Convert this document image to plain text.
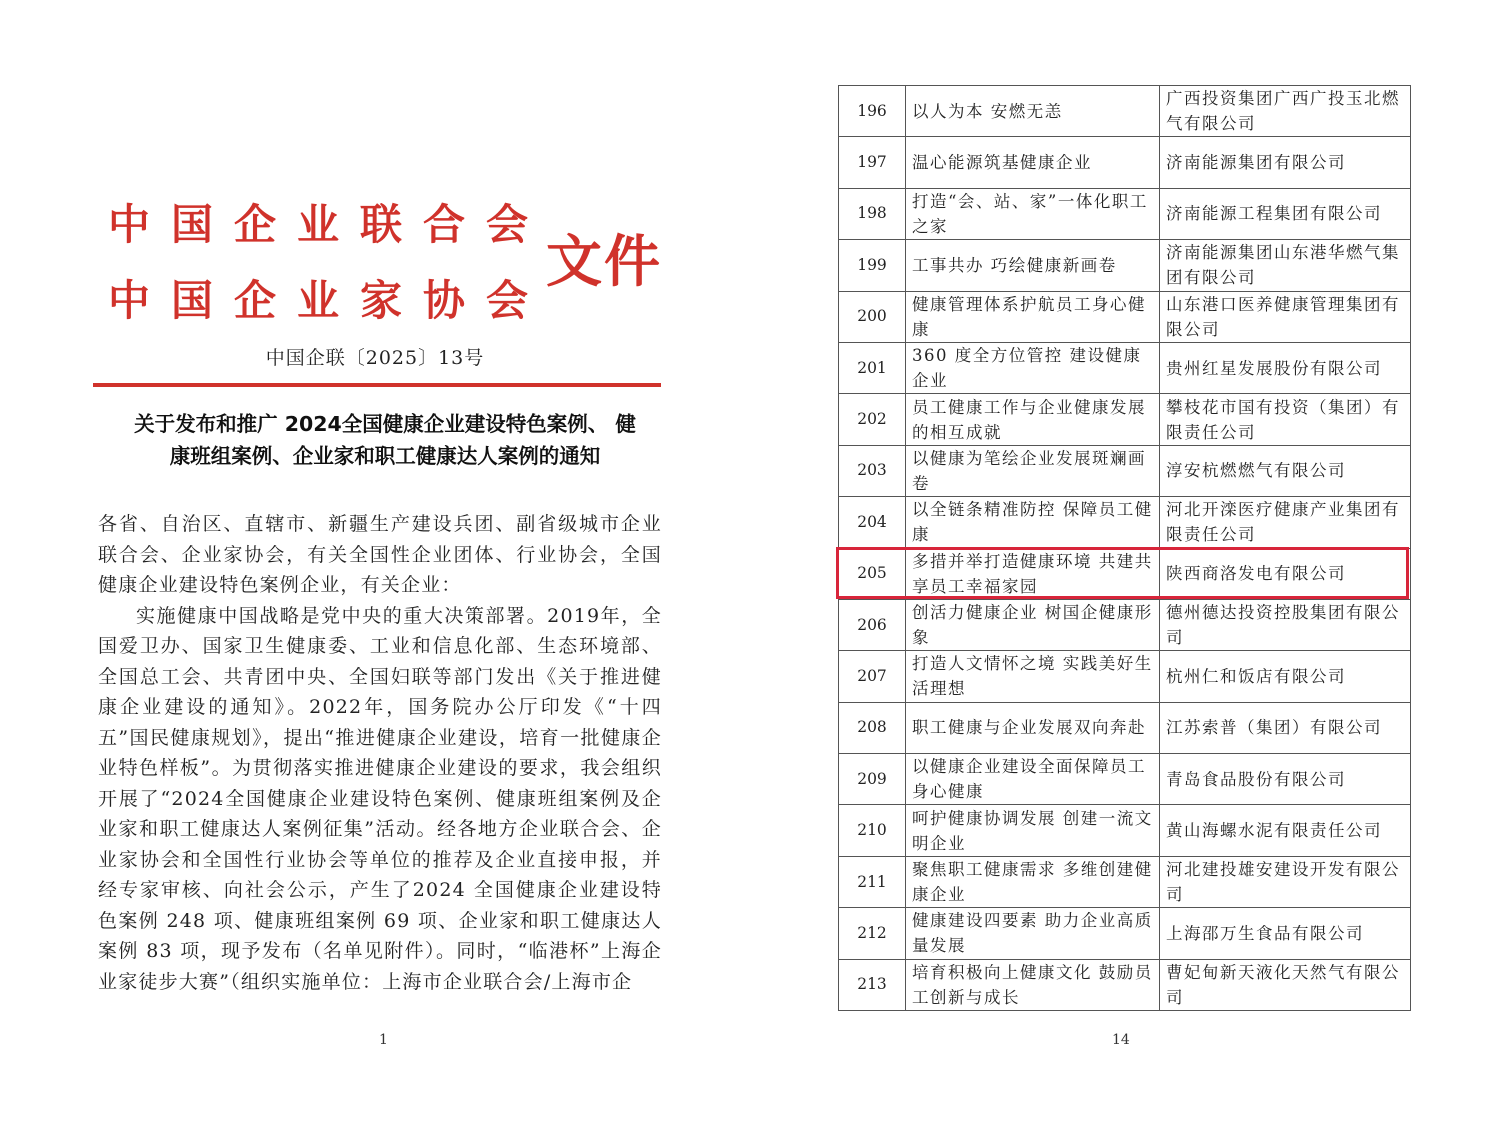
中国企业联合会
中国企业家协会
文件
中国企联〔2025〕13号
关于发布和推广 2024全国健康企业建设特色案例、 健
康班组案例、企业家和职工健康达人案例的通知

各省、自治区、直辖市、新疆生产建设兵团、副省级城市企业联合会、企业家协会，有关全国性企业团体、行业协会，全国健康企业建设特色案例企业，有关企业：

实施健康中国战略是党中央的重大决策部署。2019年，全国爱卫办、国家卫生健康委、工业和信息化部、生态环境部、全国总工会、共青团中央、全国妇联等部门发出《关于推进健康企业建设的通知》。2022年，国务院办公厅印发《“十四五”国民健康规划》，提出“推进健康企业建设，培育一批健康企业特色样板”。为贯彻落实推进健康企业建设的要求，我会组织开展了“2024全国健康企业建设特色案例、健康班组案例及企业家和职工健康达人案例征集”活动。经各地方企业联合会、企业家协会和全国性行业协会等单位的推荐及企业直接申报，并经专家审核、向社会公示，产生了2024 全国健康企业建设特色案例 248 项、健康班组案例 69 项、企业家和职工健康达人案例 83 项，现予发布（名单见附件）。同时，“临港杯”上海企业家徒步大赛”（组织实施单位：上海市企业联合会/上海市企

1
196	以人为本 安燃无恙	广西投资集团广西广投玉北燃气有限公司
197	温心能源筑基健康企业	济南能源集团有限公司
198	打造“会、站、家”一体化职工之家	济南能源工程集团有限公司
199	工事共办 巧绘健康新画卷	济南能源集团山东港华燃气集团有限公司
200	健康管理体系护航员工身心健康	山东港口医养健康管理集团有限公司
201	360 度全方位管控 建设健康企业	贵州红星发展股份有限公司
202	员工健康工作与企业健康发展的相互成就	攀枝花市国有投资（集团）有限责任公司
203	以健康为笔绘企业发展斑斓画卷	淳安杭燃燃气有限公司
204	以全链条精准防控 保障员工健康	河北开滦医疗健康产业集团有限责任公司
205	多措并举打造健康环境 共建共享员工幸福家园	陕西商洛发电有限公司
206	创活力健康企业 树国企健康形象	德州德达投资控股集团有限公司
207	打造人文情怀之境 实践美好生活理想	杭州仁和饭店有限公司
208	职工健康与企业发展双向奔赴	江苏索普（集团）有限公司
209	以健康企业建设全面保障员工身心健康	青岛食品股份有限公司
210	呵护健康协调发展 创建一流文明企业	黄山海螺水泥有限责任公司
211	聚焦职工健康需求 多维创建健康企业	河北建投雄安建设开发有限公司
212	健康建设四要素 助力企业高质量发展	上海邵万生食品有限公司
213	培育积极向上健康文化 鼓励员工创新与成长	曹妃甸新天液化天然气有限公司
14
